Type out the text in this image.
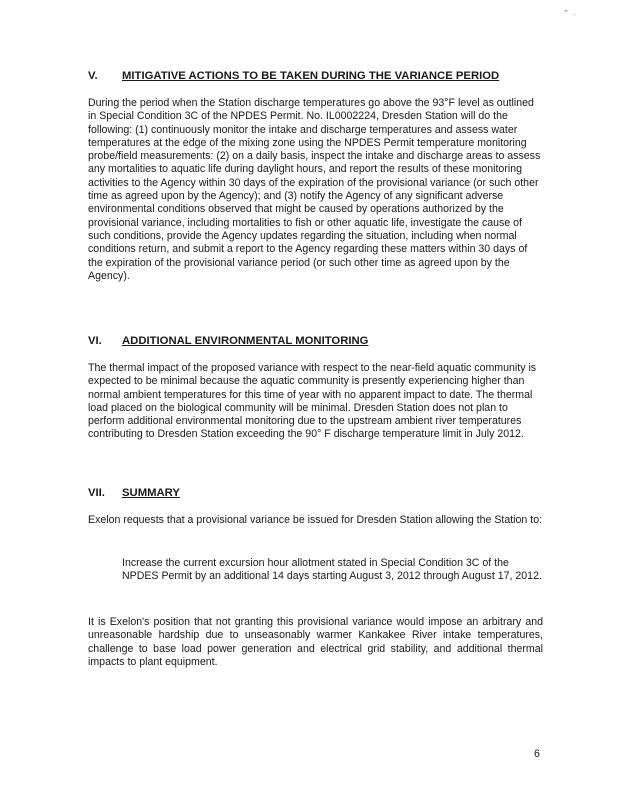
" .
V. MITIGATIVE ACTIONS TO BE TAKEN DURING THE VARIANCE PERIOD

During the period when the Station discharge temperatures go above the 93°F level as outlined in Special Condition 3C of the NPDES Permit. No. IL0002224, Dresden Station will do the following: (1) continuously monitor the intake and discharge temperatures and assess water temperatures at the edge of the mixing zone using the NPDES Permit temperature monitoring probe/field measurements: (2) on a daily basis, inspect the intake and discharge areas to assess any mortalities to aquatic life during daylight hours, and report the results of these monitoring activities to the Agency within 30 days of the expiration of the provisional variance (or such other time as agreed upon by the Agency); and (3) notify the Agency of any significant adverse environmental conditions observed that might be caused by operations authorized by the provisional variance, including mortalities to fish or other aquatic life, investigate the cause of such conditions, provide the Agency updates regarding the situation, including when normal conditions return, and submit a report to the Agency regarding these matters within 30 days of the expiration of the provisional variance period (or such other time as agreed upon by the Agency).

VI. ADDITIONAL ENVIRONMENTAL MONITORING

The thermal impact of the proposed variance with respect to the near-field aquatic community is expected to be minimal because the aquatic community is presently experiencing higher than normal ambient temperatures for this time of year with no apparent impact to date. The thermal load placed on the biological community will be minimal. Dresden Station does not plan to perform additional environmental monitoring due to the upstream ambient river temperatures contributing to Dresden Station exceeding the 90° F discharge temperature limit in July 2012.

VII. SUMMARY

Exelon requests that a provisional variance be issued for Dresden Station allowing the Station to:

Increase the current excursion hour allotment stated in Special Condition 3C of the NPDES Permit by an additional 14 days starting August 3, 2012 through August 17, 2012.

It is Exelon's position that not granting this provisional variance would impose an arbitrary and unreasonable hardship due to unseasonably warmer Kankakee River intake temperatures, challenge to base load power generation and electrical grid stability, and additional thermal impacts to plant equipment.

6
